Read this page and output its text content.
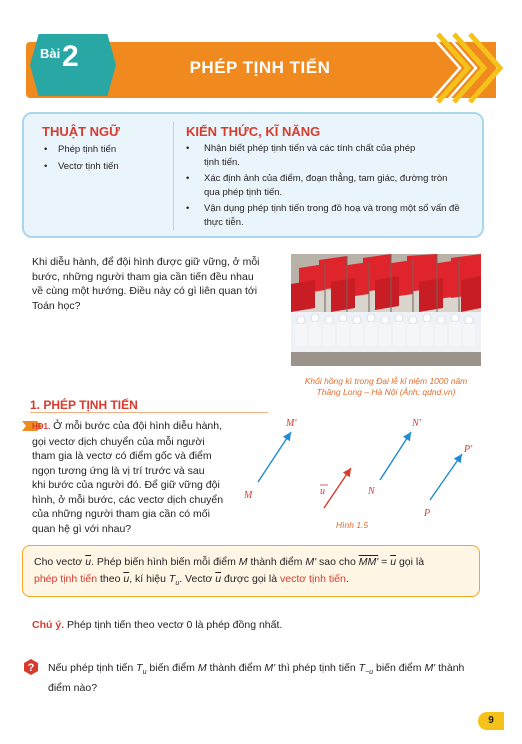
Bài 2	PHÉP TỊNH TIẾN
THUẬT NGỮ
• Phép tịnh tiến
• Vectơ tịnh tiến
KIẾN THỨC, KĨ NĂNG
• Nhận biết phép tịnh tiến và các tính chất của phép
tịnh tiến.
• Xác định ảnh của điểm, đoạn thẳng, tam giác, đường tròn
qua phép tịnh tiến.
• Vận dụng phép tịnh tiến trong đồ hoạ và trong một số vấn đề
thực tiễn.
Khi diễu hành, để đội hình được giữ vững, ở mỗi
bước, những người tham gia cần tiến đều nhau
về cùng một hướng. Điều này có gì liên quan tới
Toán học?
Khối hồng kì trong Đại lễ kỉ niệm 1000 năm
Thăng Long – Hà Nội (Ảnh: qdnd.vn)
1. PHÉP TỊNH TIẾN
HĐ1. Ở mỗi bước của đội hình diễu hành,
gọi vectơ dịch chuyển của mỗi người
tham gia là vectơ có điểm gốc và điểm
ngọn tương ứng là vị trí trước và sau
khi bước của người đó. Để giữ vững đội
hình, ở mỗi bước, các vectơ dịch chuyển
của những người tham gia cần có mối
quan hệ gì với nhau?
M
M'
u	N
N'
P
P'
Hình 1.5
Cho vectơ $\overline{u}$. Phép biến hình biến mỗi điểm M thành điểm M' sao cho $MM' = \overline{u}$ gọi là
phép tịnh tiến theo $\overline{u}$, kí hiệu $T_u$. Vectơ $\overline{u}$ được gọi là vectơ tịnh tiến.
Chú ý. Phép tịnh tiến theo vectơ 0 là phép đồng nhất.
? Nếu phép tịnh tiến $T_u$ biến điểm M thành điểm M' thì phép tịnh tiến $T_{-u}$ biến điểm M' thành
điểm nào?
9
